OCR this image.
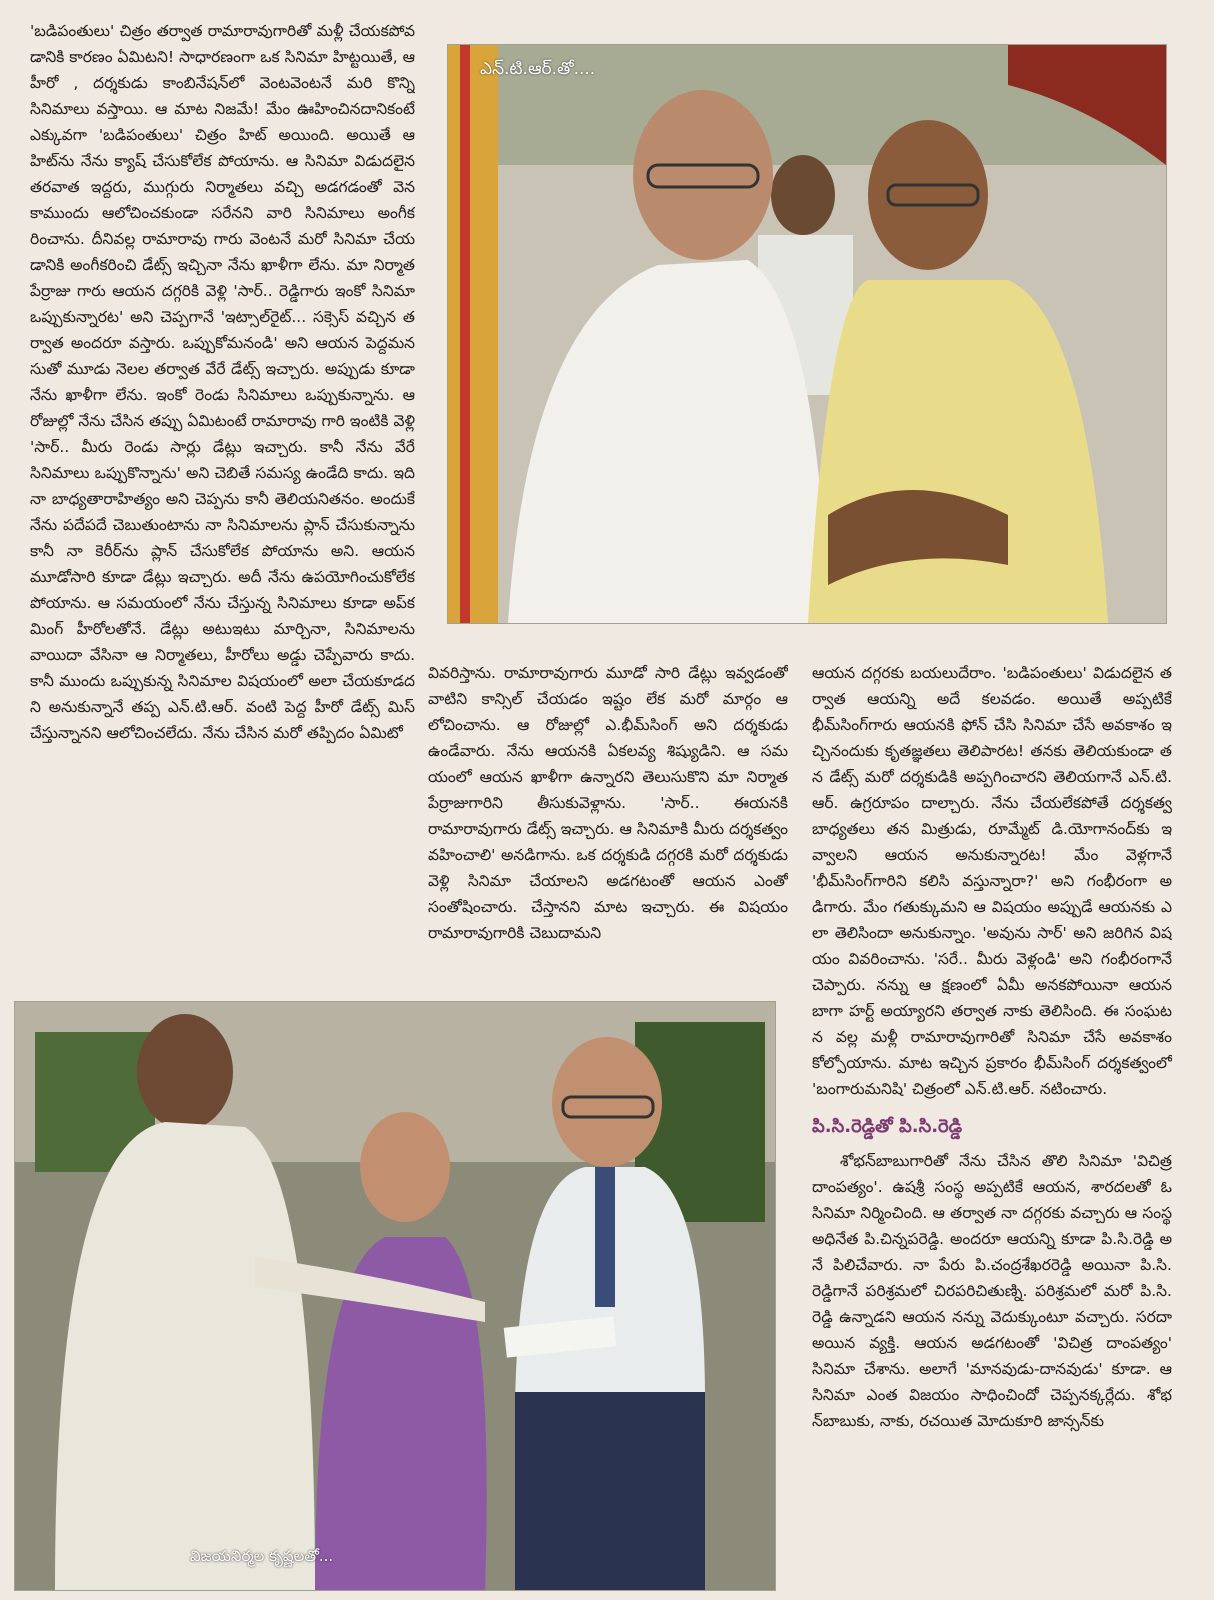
'బడిపంతులు' చిత్రం తర్వాత రామారావుగారితో మళ్లీ చేయకపోవడానికి కారణం ఏమిటని! సాధారణంగా ఒక సినిమా హిట్టయితే, ఆ హీరో , దర్శకుడు కాంబినేషన్‌లో వెంటవెంటనే మరి కొన్ని సినిమాలు వస్తాయి. ఆ మాట నిజమే! మేం ఊహించినదానికంటే ఎక్కువగా 'బడిపంతులు' చిత్రం హిట్ అయింది. అయితే ఆ హిట్‌ను నేను క్యాష్ చేసుకోలేక పోయాను. ఆ సినిమా విడుదలైన తరవాత ఇద్దరు, ముగ్గురు నిర్మాతలు వచ్చి అడగడంతో వెనకాముందు ఆలోచించకుండా సరేనని వారి సినిమాలు అంగీకరించాను. దీనివల్ల రామారావు గారు వెంటనే మరో సినిమా చేయడానికి అంగీకరించి డేట్స్ ఇచ్చినా నేను ఖాళీగా లేను. మా నిర్మాత పేర్రాజు గారు ఆయన దగ్గరికి వెళ్లి 'సార్.. రెడ్డిగారు ఇంకో సినిమా ఒప్పుకున్నారట' అని చెప్పగానే 'ఇట్సాల్‌రైట్... సక్సెస్ వచ్చిన తర్వాత అందరూ వస్తారు. ఒప్పుకోమనండి' అని ఆయన పెద్దమనసుతో మూడు నెలల తర్వాత వేరే డేట్స్ ఇచ్చారు. అప్పుడు కూడా నేను ఖాళీగా లేను. ఇంకో రెండు సినిమాలు ఒప్పుకున్నాను. ఆ రోజుల్లో నేను చేసిన తప్పు ఏమిటంటే రామారావు గారి ఇంటికి వెళ్లి 'సార్.. మీరు రెండు సార్లు డేట్లు ఇచ్చారు. కానీ నేను వేరే సినిమాలు ఒప్పుకొన్నాను' అని చెబితే సమస్య ఉండేది కాదు. ఇది నా బాధ్యతారాహిత్యం అని చెప్పను కానీ తెలియనితనం. అందుకే నేను పదేపదే చెబుతుంటాను నా సినిమాలను ప్లాన్ చేసుకున్నాను కానీ నా కెరీర్‌ను ప్లాన్ చేసుకోలేక పోయాను అని. ఆయన మూడోసారి కూడా డేట్లు ఇచ్చారు. అదీ నేను ఉపయోగించుకోలేక పోయాను. ఆ సమయంలో నేను చేస్తున్న సినిమాలు కూడా అప్‌కమింగ్ హీరోలతోనే. డేట్లు అటుఇటు మార్చినా, సినిమాలను వాయిదా వేసినా ఆ నిర్మాతలు, హీరోలు అడ్డు చెప్పేవారు కాదు. కానీ ముందు ఒప్పుకున్న సినిమాల విషయంలో అలా చేయకూడదని అనుకున్నానే తప్ప ఎన్.టి.ఆర్. వంటి పెద్ద హీరో డేట్స్ మిస్ చేస్తున్నానని ఆలోచించలేదు. నేను చేసిన మరో తప్పిదం ఏమిటో

ఎన్.టి.ఆర్.తో....

వివరిస్తాను. రామారావుగారు మూడో సారి డేట్లు ఇవ్వడంతో వాటిని కాన్సిల్ చేయడం ఇష్టం లేక మరో మార్గం ఆలోచించాను. ఆ రోజుల్లో ఎ.భీమ్‌సింగ్ అని దర్శకుడు ఉండేవారు. నేను ఆయనకి ఏకలవ్య శిష్యుడిని. ఆ సమయంలో ఆయన ఖాళీగా ఉన్నారని తెలుసుకొని మా నిర్మాత పేర్రాజుగారిని తీసుకువెళ్లాను. 'సార్.. ఈయనకి రామారావుగారు డేట్స్ ఇచ్చారు. ఆ సినిమాకి మీరు దర్శకత్వం వహించాలి' అనడిగాను. ఒక దర్శకుడి దగ్గరకి మరో దర్శకుడు వెళ్లి సినిమా చేయాలని అడగటంతో ఆయన ఎంతో సంతోషించారు. చేస్తానని మాట ఇచ్చారు. ఈ విషయం రామారావుగారికి చెబుదామని

ఆయన దగ్గరకు బయలుదేరాం. 'బడిపంతులు' విడుదలైన తర్వాత ఆయన్ని అదే కలవడం. అయితే అప్పటికే భీమ్‌సింగ్‌గారు ఆయనకి ఫోన్ చేసి సినిమా చేసే అవకాశం ఇచ్చినందుకు కృతజ్ఞతలు తెలిపారట! తనకు తెలియకుండా తన డేట్స్ మరో దర్శకుడికి అప్పగించారని తెలియగానే ఎన్.టి.ఆర్. ఉగ్రరూపం దాల్చారు. నేను చేయలేకపోతే దర్శకత్వ బాధ్యతలు తన మిత్రుడు, రూమ్మేట్ డి.యోగానంద్‌కు ఇవ్వాలని ఆయన అనుకున్నారట! మేం వెళ్లగానే 'భీమ్‌సింగ్‌గారిని కలిసి వస్తున్నారా?' అని గంభీరంగా అడిగారు. మేం గతుక్కుమని ఆ విషయం అప్పుడే ఆయనకు ఎలా తెలిసిందా అనుకున్నాం. 'అవును సార్' అని జరిగిన విషయం వివరించాను. 'సరే.. మీరు వెళ్లండి' అని గంభీరంగానే చెప్పారు. నన్ను ఆ క్షణంలో ఏమీ అనకపోయినా ఆయన బాగా హర్ట్ అయ్యారని తర్వాత నాకు తెలిసింది. ఈ సంఘటన వల్ల మళ్లీ రామారావుగారితో సినిమా చేసే అవకాశం కోల్పోయాను. మాట ఇచ్చిన ప్రకారం భీమ్‌సింగ్ దర్శకత్వంలో 'బంగారుమనిషి' చిత్రంలో ఎన్.టి.ఆర్. నటించారు.

పి.సి.రెడ్డితో పి.సి.రెడ్డి

శోభన్‌బాబుగారితో నేను చేసిన తొలి సినిమా 'విచిత్ర దాంపత్యం'. ఉషశ్రీ సంస్థ అప్పటికే ఆయన, శారదలతో ఓ సినిమా నిర్మించింది. ఆ తర్వాత నా దగ్గరకు వచ్చారు ఆ సంస్థ అధినేత పి.చిన్నపరెడ్డి. అందరూ ఆయన్ని కూడా పి.సి.రెడ్డి అనే పిలిచేవారు. నా పేరు పి.చంద్రశేఖరరెడ్డి అయినా పి.సి.రెడ్డిగానే పరిశ్రమలో చిరపరిచితుణ్ని. పరిశ్రమలో మరో పి.సి.రెడ్డి ఉన్నాడని ఆయన నన్ను వెదుక్కుంటూ వచ్చారు. సరదా అయిన వ్యక్తి. ఆయన అడగటంతో 'విచిత్ర దాంపత్యం' సినిమా చేశాను. అలాగే 'మానవుడు-దానవుడు' కూడా. ఆ సినిమా ఎంత విజయం సాధించిందో చెప్పనక్కర్లేదు. శోభన్‌బాబుకు, నాకు, రచయిత మోదుకూరి జాన్సన్‌కు

విజయనిర్మల కృష్ణలతో...
